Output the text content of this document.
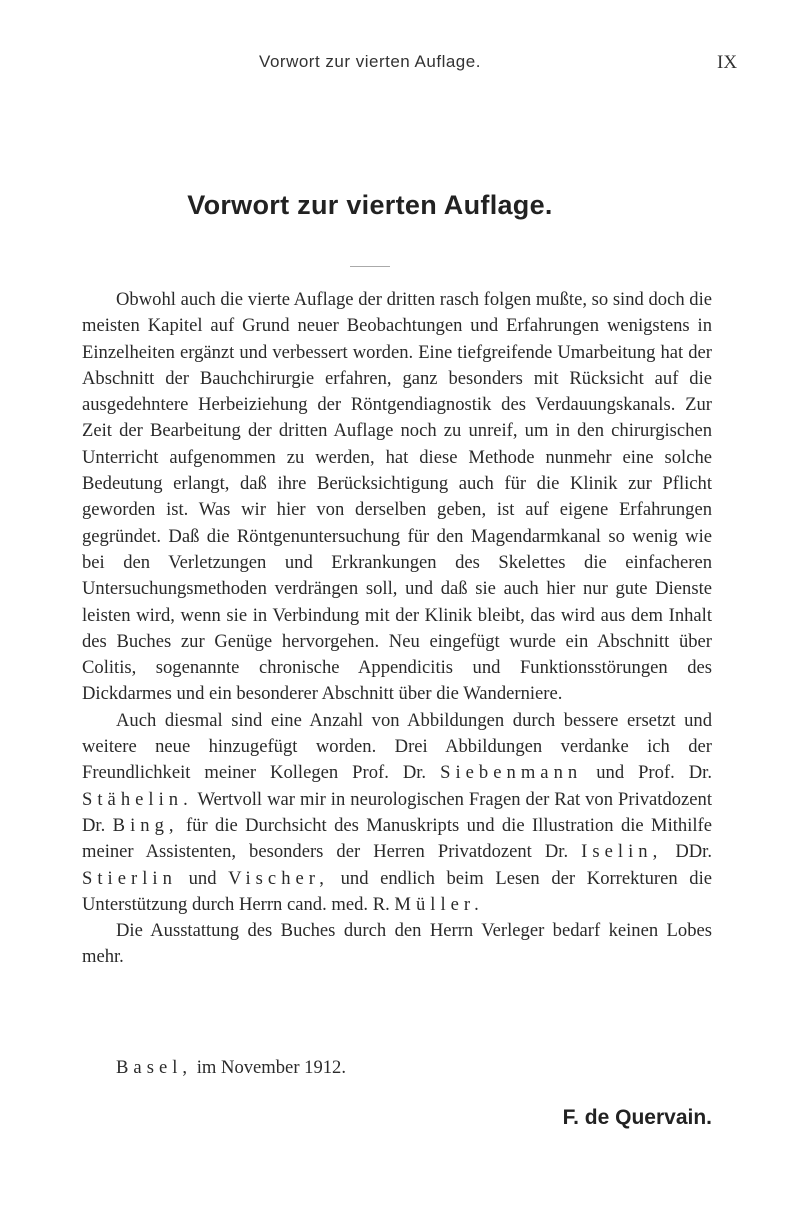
Vorwort zur vierten Auflage.	IX
Vorwort zur vierten Auflage.

Obwohl auch die vierte Auflage der dritten rasch folgen mußte, so sind doch die meisten Kapitel auf Grund neuer Beobachtungen und Erfahrungen wenigstens in Einzelheiten ergänzt und verbessert worden. Eine tiefgreifende Umarbeitung hat der Abschnitt der Bauchchirurgie erfahren, ganz besonders mit Rücksicht auf die ausgedehntere Herbeiziehung der Röntgendiagnostik des Verdauungskanals. Zur Zeit der Bearbeitung der dritten Auflage noch zu unreif, um in den chirurgischen Unterricht aufgenommen zu werden, hat diese Methode nunmehr eine solche Bedeutung erlangt, daß ihre Berücksichtigung auch für die Klinik zur Pflicht geworden ist. Was wir hier von derselben geben, ist auf eigene Erfahrungen gegründet. Daß die Röntgenuntersuchung für den Magendarmkanal so wenig wie bei den Verletzungen und Erkrankungen des Skelettes die einfacheren Untersuchungsmethoden verdrängen soll, und daß sie auch hier nur gute Dienste leisten wird, wenn sie in Verbindung mit der Klinik bleibt, das wird aus dem Inhalt des Buches zur Genüge hervorgehen. Neu eingefügt wurde ein Abschnitt über Colitis, sogenannte chronische Appendicitis und Funktionsstörungen des Dickdarmes und ein besonderer Abschnitt über die Wanderniere.

Auch diesmal sind eine Anzahl von Abbildungen durch bessere ersetzt und weitere neue hinzugefügt worden. Drei Abbildungen verdanke ich der Freundlichkeit meiner Kollegen Prof. Dr. Siebenmann und Prof. Dr. Stähelin. Wertvoll war mir in neurologischen Fragen der Rat von Privatdozent Dr. Bing, für die Durchsicht des Manuskripts und die Illustration die Mithilfe meiner Assistenten, besonders der Herren Privatdozent Dr. Iselin, DDr. Stierlin und Vischer, und endlich beim Lesen der Korrekturen die Unterstützung durch Herrn cand. med. R. Müller.

Die Ausstattung des Buches durch den Herrn Verleger bedarf keinen Lobes mehr.

Basel, im November 1912.
F. de Quervain.
